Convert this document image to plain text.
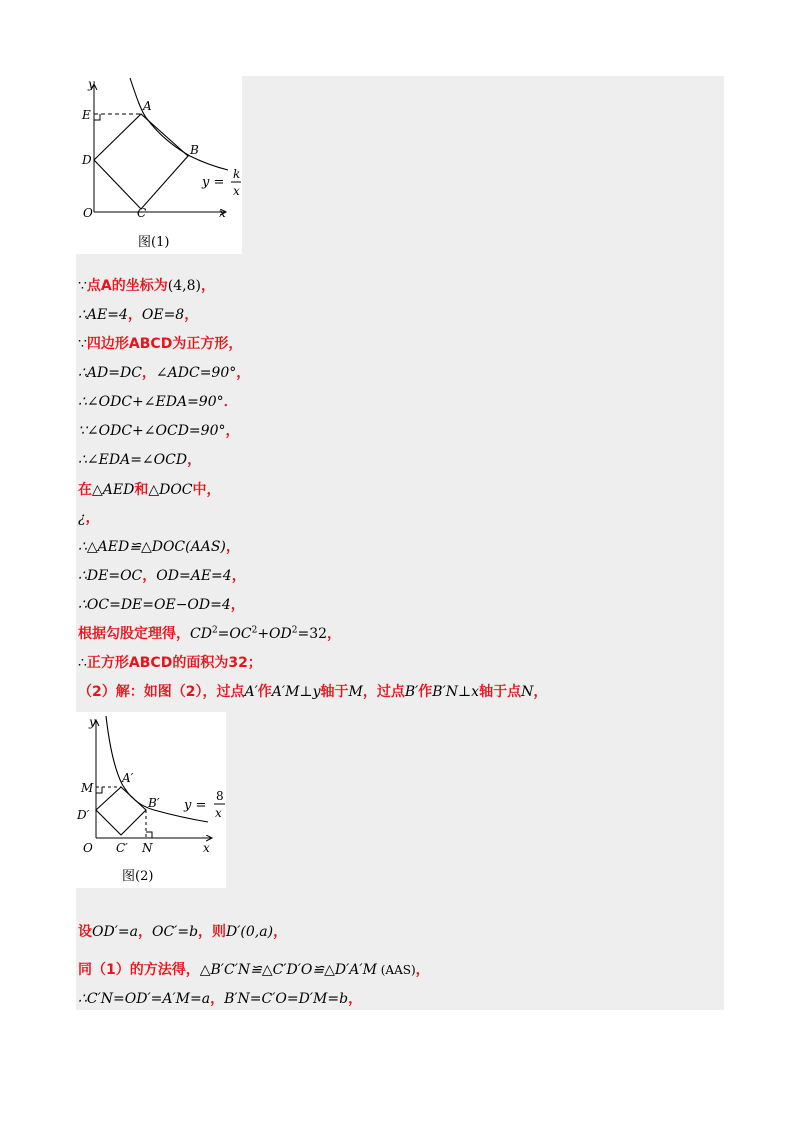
y
E
A
D
B
O	C	x
y =
k
x
图(1)
∵点A的坐标为(4,8)，
∴AE=4，OE=8，
∵四边形ABCD为正方形，
∴AD=DC，∠ADC=90°，
∴∠ODC+∠EDA=90°．
∵∠ODC+∠OCD=90°，
∴∠EDA=∠OCD，
在△AED和△DOC中，
¿，
∴△AED≌△DOC(AAS)，
∴DE=OC，OD=AE=4，
∴OC=DE=OE−OD=4，
根据勾股定理得，$CD^2=OC^2+OD^2=32$，
∴正方形ABCD的面积为32；
（2）解：如图（2），过点A′作A′M⊥y轴于M，过点B′作B′N⊥x轴于点N，
y
M
A′
D′
B′
O C′ N	x
y =
8
x
图(2)
设OD′=a，OC′=b，则D′(0,a)，
同（1）的方法得，△B′C′N≌△C′D′O≌△D′A′M (AAS)，
∴C′N=OD′=A′M=a，B′N=C′O=D′M=b，
